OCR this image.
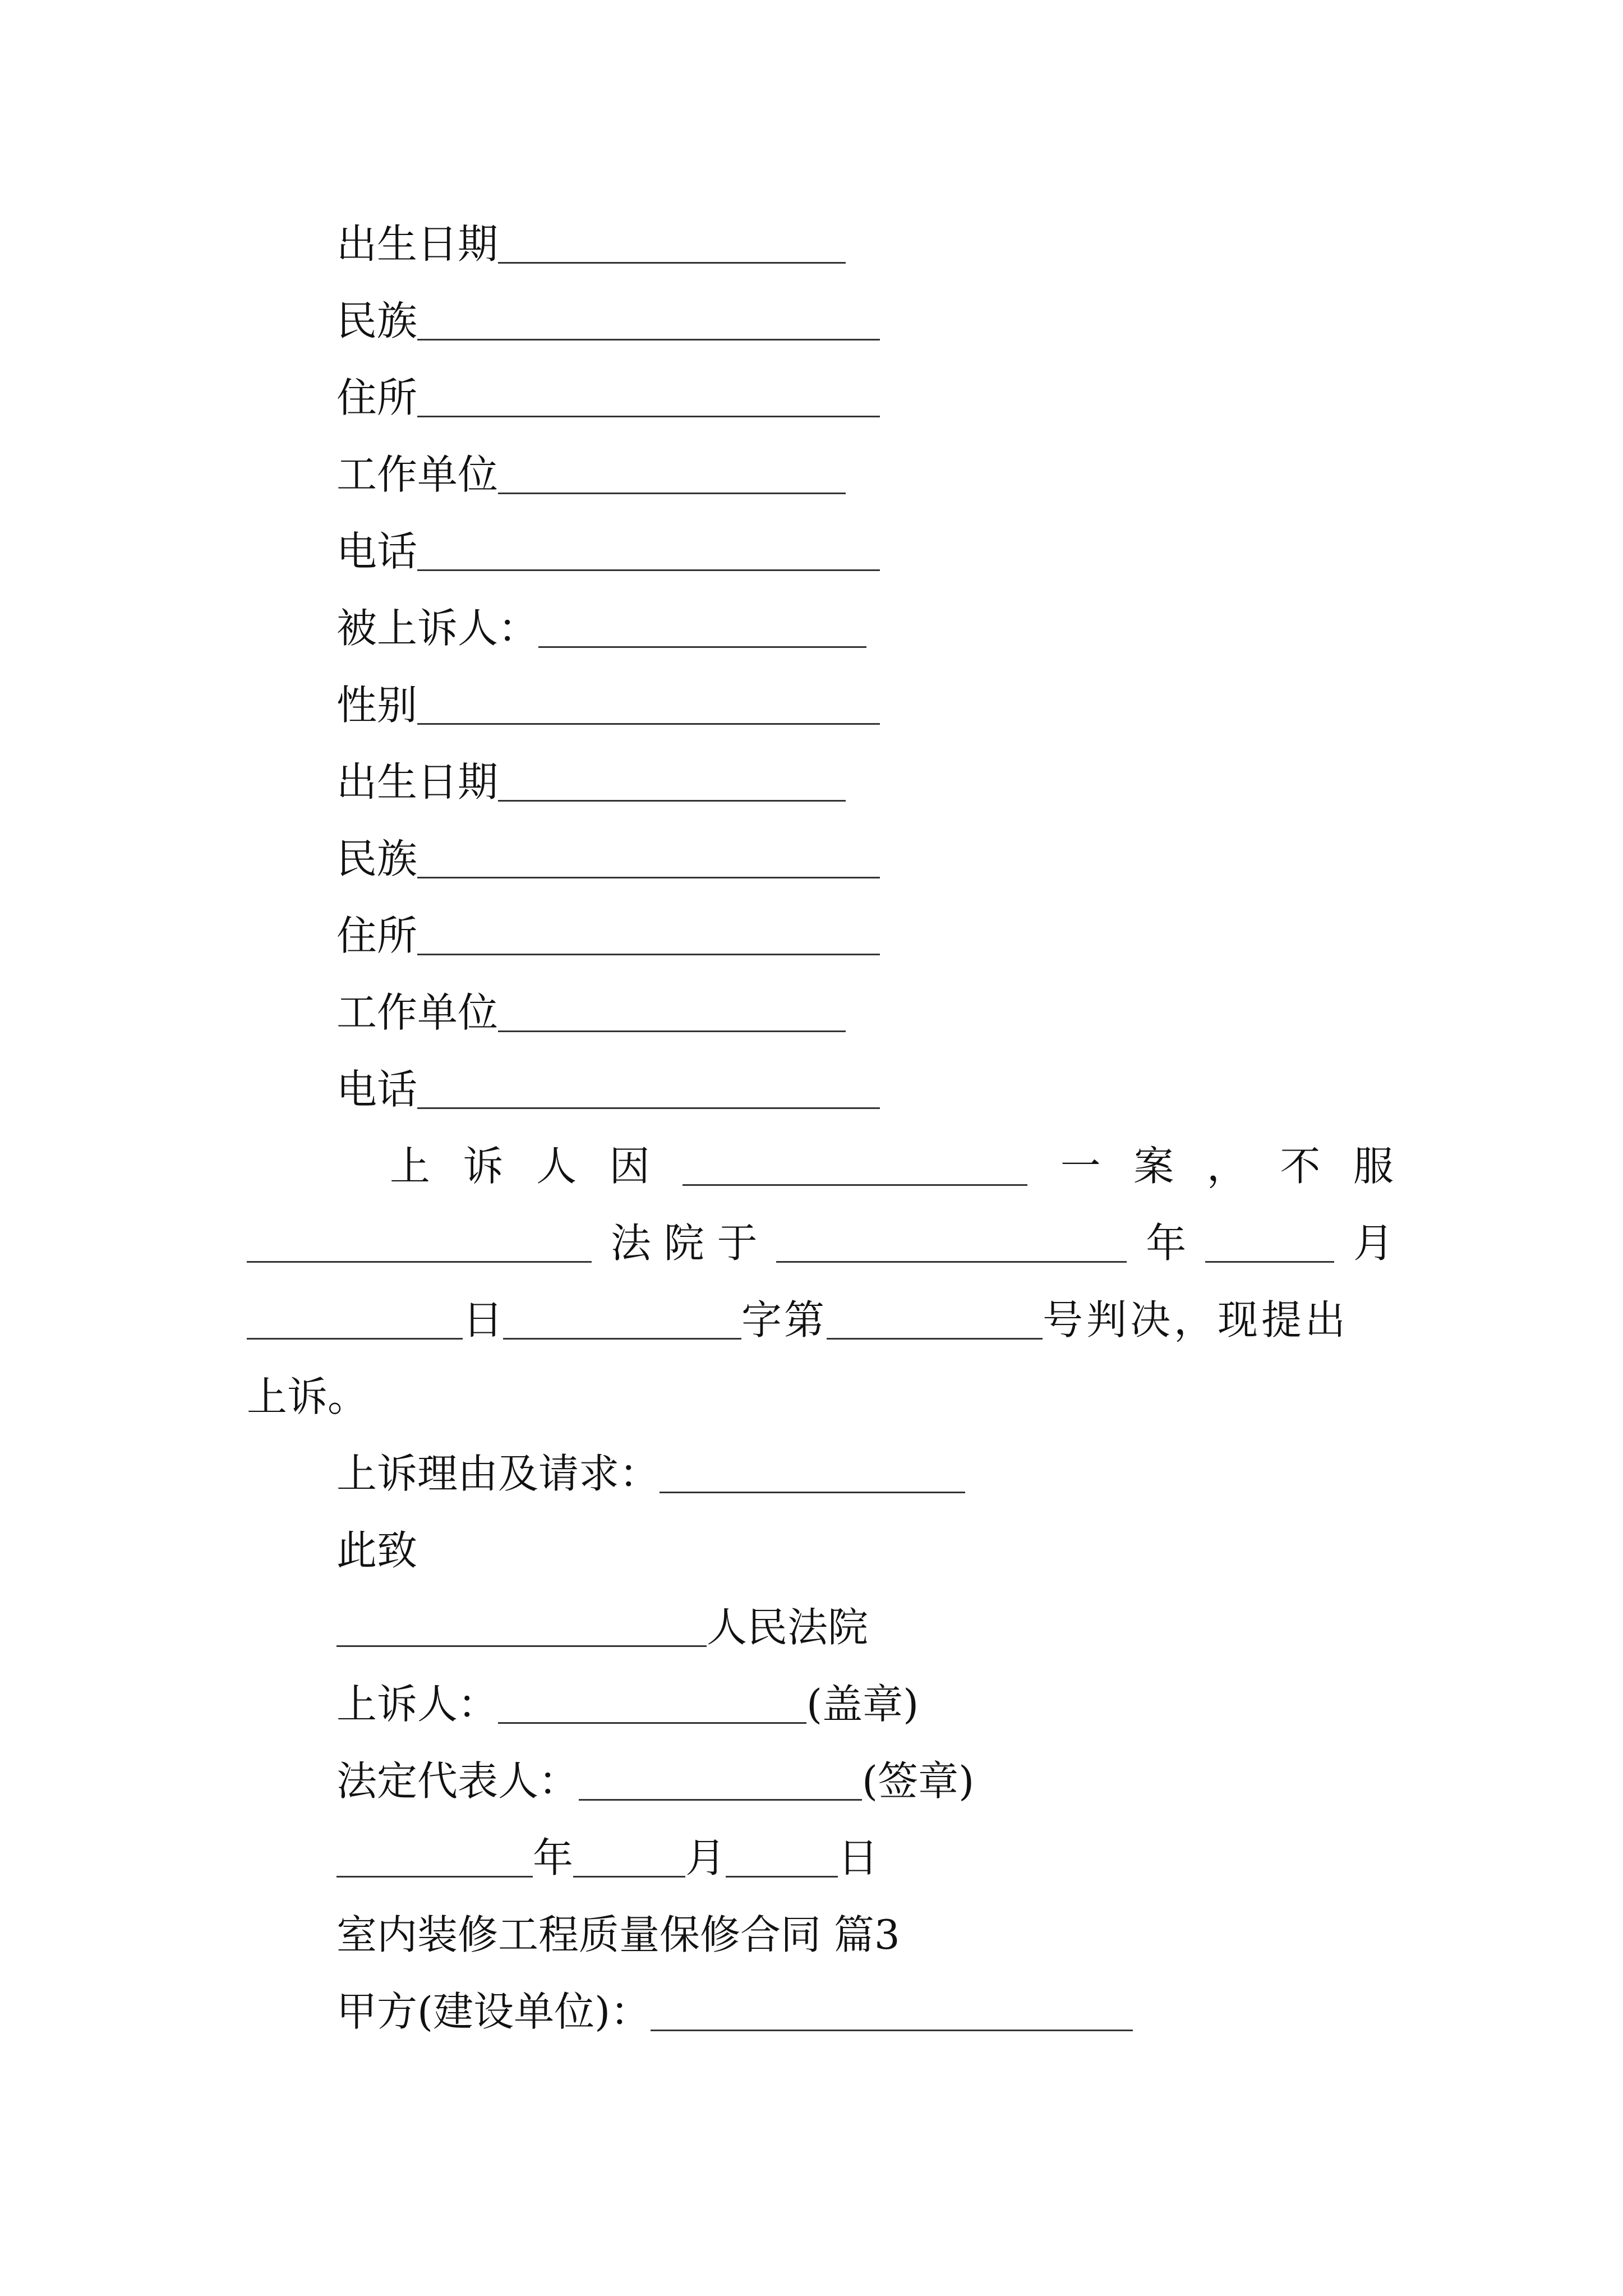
出生日期
民族
住所
工作单位
电话
被上诉人：
性别
出生日期
民族
住所
工作单位
电话
上 诉 人 因	一 案 ， 不 服
法 院 于	年	月
日	字第	号判决，现提出
上诉。
上诉理由及请求：
此致
人民法院
上诉人：	(盖章)
法定代表人：	(签章)
年	月	日
室内装修工程质量保修合同 篇3
甲方(建设单位)：
